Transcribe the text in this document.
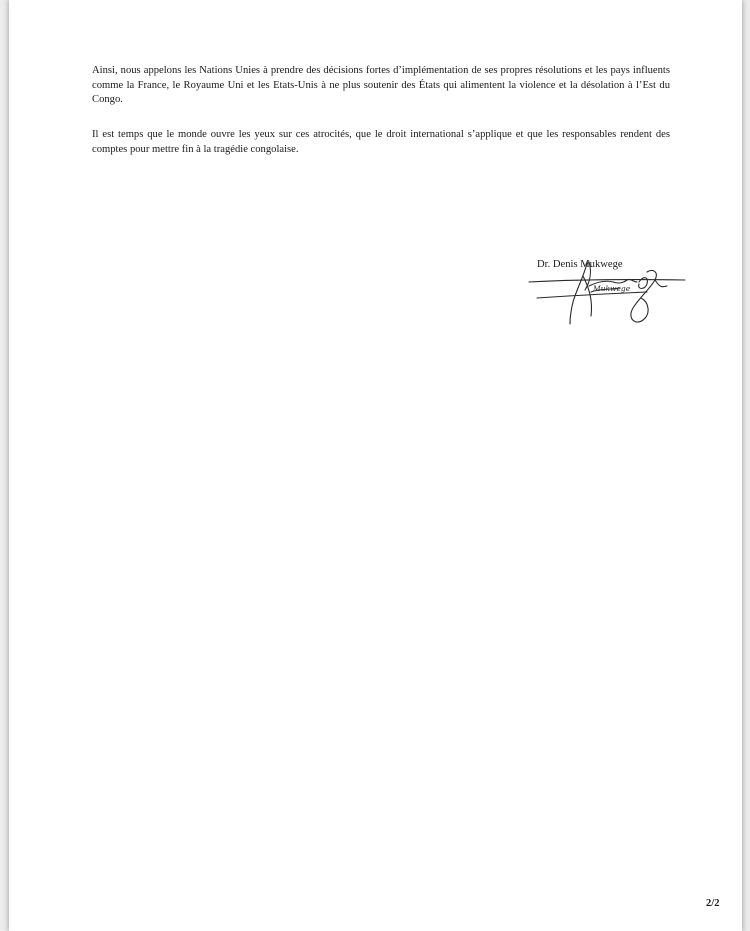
Ainsi, nous appelons les Nations Unies à prendre des décisions fortes d’implémentation de ses propres résolutions et les pays influents comme la France, le Royaume Uni et les Etats-Unis à ne plus soutenir des États qui alimentent la violence et la désolation à l’Est du Congo.

Il est temps que le monde ouvre les yeux sur ces atrocités, que le droit international s’applique et que les responsables rendent des comptes pour mettre fin à la tragédie congolaise.

Dr. Denis Mukwege
Mukwege
2/2
